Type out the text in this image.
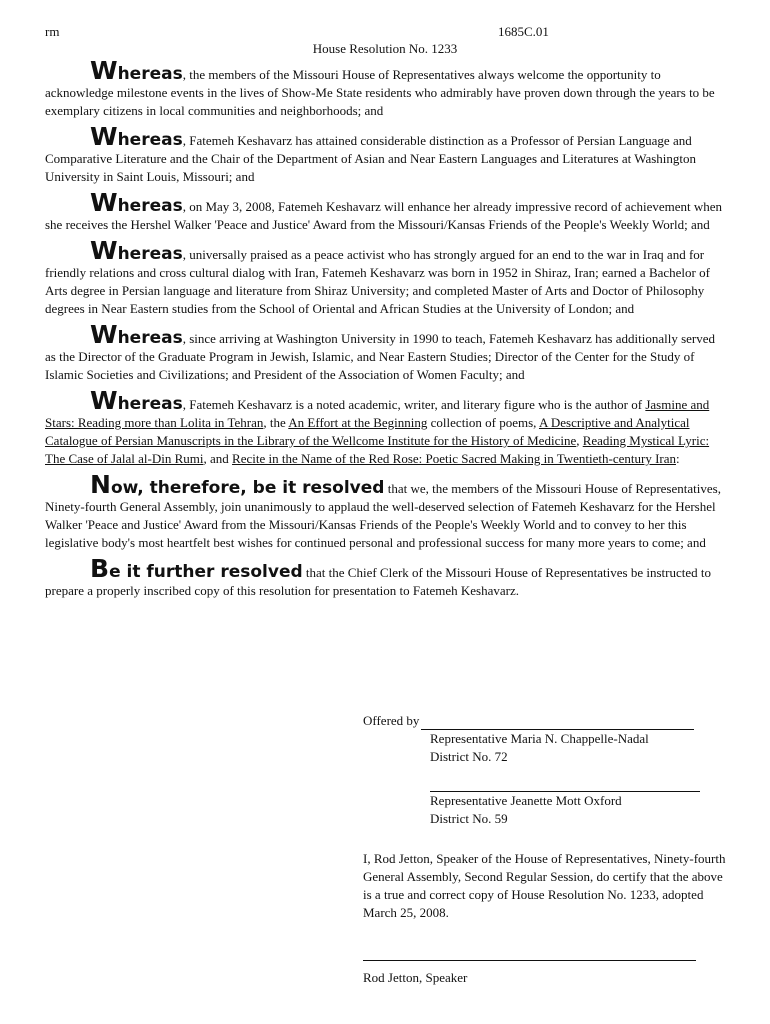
rm	1685C.01
House Resolution No. 1233

Whereas, the members of the Missouri House of Representatives always welcome the opportunity to acknowledge milestone events in the lives of Show-Me State residents who admirably have proven down through the years to be exemplary citizens in local communities and neighborhoods; and

Whereas, Fatemeh Keshavarz has attained considerable distinction as a Professor of Persian Language and Comparative Literature and the Chair of the Department of Asian and Near Eastern Languages and Literatures at Washington University in Saint Louis, Missouri; and

Whereas, on May 3, 2008, Fatemeh Keshavarz will enhance her already impressive record of achievement when she receives the Hershel Walker 'Peace and Justice' Award from the Missouri/Kansas Friends of the People's Weekly World; and

Whereas, universally praised as a peace activist who has strongly argued for an end to the war in Iraq and for friendly relations and cross cultural dialog with Iran, Fatemeh Keshavarz was born in 1952 in Shiraz, Iran; earned a Bachelor of Arts degree in Persian language and literature from Shiraz University; and completed Master of Arts and Doctor of Philosophy degrees in Near Eastern studies from the School of Oriental and African Studies at the University of London; and

Whereas, since arriving at Washington University in 1990 to teach, Fatemeh Keshavarz has additionally served as the Director of the Graduate Program in Jewish, Islamic, and Near Eastern Studies; Director of the Center for the Study of Islamic Societies and Civilizations; and President of the Association of Women Faculty; and

Whereas, Fatemeh Keshavarz is a noted academic, writer, and literary figure who is the author of Jasmine and Stars: Reading more than Lolita in Tehran, the An Effort at the Beginning collection of poems, A Descriptive and Analytical Catalogue of Persian Manuscripts in the Library of the Wellcome Institute for the History of Medicine, Reading Mystical Lyric: The Case of Jalal al-Din Rumi, and Recite in the Name of the Red Rose: Poetic Sacred Making in Twentieth-century Iran:

Now, therefore, be it resolved that we, the members of the Missouri House of Representatives, Ninety-fourth General Assembly, join unanimously to applaud the well-deserved selection of Fatemeh Keshavarz for the Hershel Walker 'Peace and Justice' Award from the Missouri/Kansas Friends of the People's Weekly World and to convey to her this legislative body's most heartfelt best wishes for continued personal and professional success for many more years to come; and

Be it further resolved that the Chief Clerk of the Missouri House of Representatives be instructed to prepare a properly inscribed copy of this resolution for presentation to Fatemeh Keshavarz.

Offered by
Representative Maria N. Chappelle-Nadal
District No. 72
Representative Jeanette Mott Oxford
District No. 59
I, Rod Jetton, Speaker of the House of Representatives, Ninety-fourth General Assembly, Second Regular Session, do certify that the above is a true and correct copy of House Resolution No. 1233, adopted March 25, 2008.
Rod Jetton, Speaker
